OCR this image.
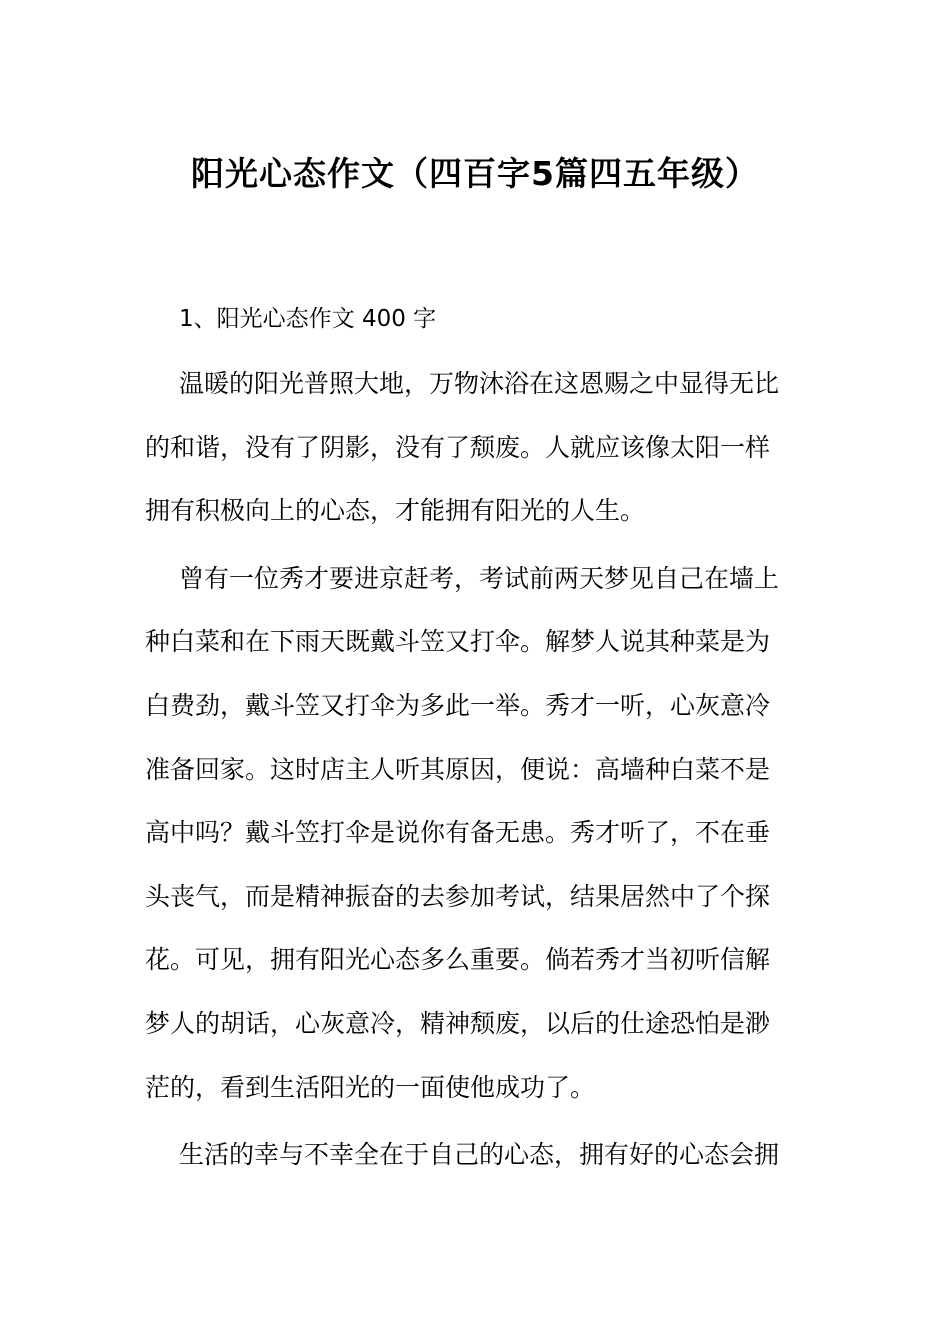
阳光心态作文（四百字5篇四五年级）
1、阳光心态作文 400 字

温暖的阳光普照大地，万物沐浴在这恩赐之中显得无比
的和谐，没有了阴影，没有了颓废。人就应该像太阳一样
拥有积极向上的心态，才能拥有阳光的人生。

曾有一位秀才要进京赶考，考试前两天梦见自己在墙上
种白菜和在下雨天既戴斗笠又打伞。解梦人说其种菜是为
白费劲，戴斗笠又打伞为多此一举。秀才一听，心灰意冷
准备回家。这时店主人听其原因，便说：高墙种白菜不是
高中吗？戴斗笠打伞是说你有备无患。秀才听了，不在垂
头丧气，而是精神振奋的去参加考试，结果居然中了个探
花。可见，拥有阳光心态多么重要。倘若秀才当初听信解
梦人的胡话，心灰意冷，精神颓废，以后的仕途恐怕是渺
茫的，看到生活阳光的一面使他成功了。

生活的幸与不幸全在于自己的心态，拥有好的心态会拥
